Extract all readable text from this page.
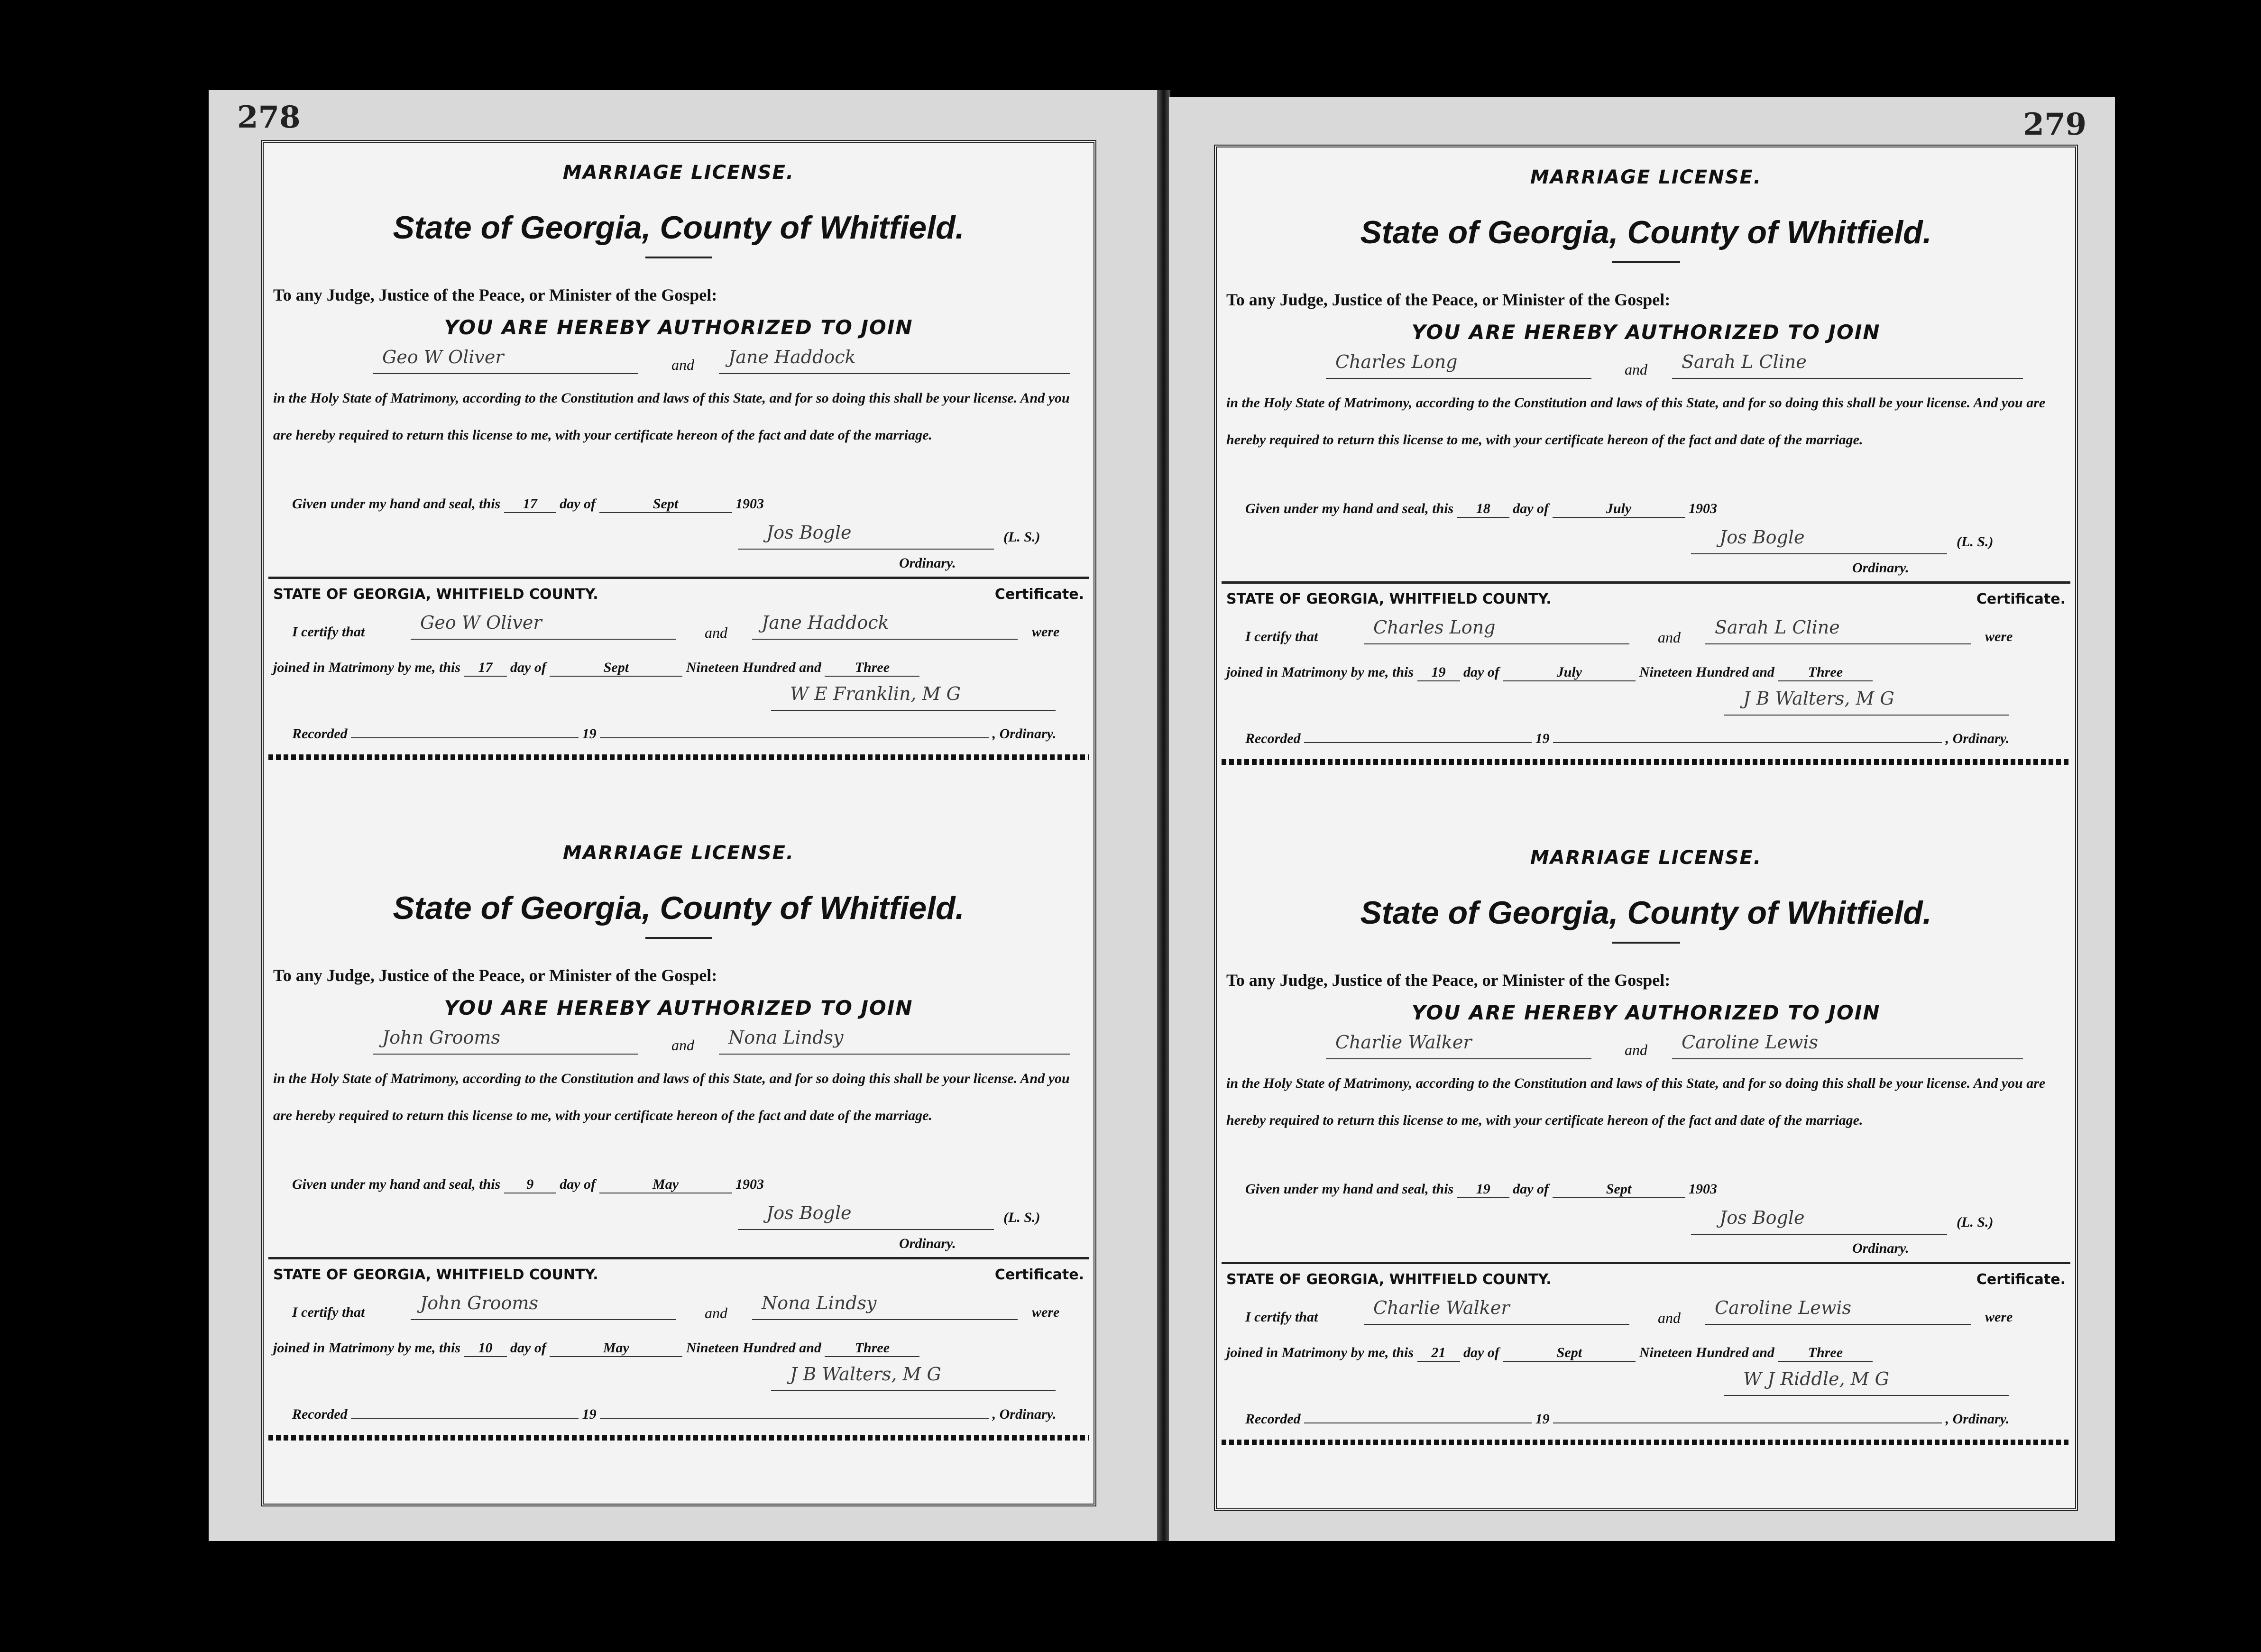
278
MARRIAGE LICENSE.
State of Georgia, County of Whitfield.
To any Judge, Justice of the Peace, or Minister of the Gospel:
YOU ARE HEREBY AUTHORIZED TO JOIN
Geo W Oliver	and Jane Haddock
in the Holy State of Matrimony, according to the Constitution and laws of this State, and for so doing this shall be your license. And you are hereby required to return this license to me, with your certificate hereon of the fact and date of the marriage.
Given under my hand and seal, this 17 day of	Sept	1903
Jos Bogle	(L. S.)
Ordinary.
STATE OF GEORGIA, WHITFIELD COUNTY.	Certificate.
I certify that	Geo W Oliver	and Jane Haddock	were
joined in Matrimony by me, this 17 day of	Sept	Nineteen Hundred and Three
W E Franklin, M G
Recorded	19	, Ordinary.
MARRIAGE LICENSE.
State of Georgia, County of Whitfield.
To any Judge, Justice of the Peace, or Minister of the Gospel:
YOU ARE HEREBY AUTHORIZED TO JOIN
John Grooms	and Nona Lindsy
in the Holy State of Matrimony, according to the Constitution and laws of this State, and for so doing this shall be your license. And you are hereby required to return this license to me, with your certificate hereon of the fact and date of the marriage.
Given under my hand and seal, this 9 day of	May	1903
Jos Bogle	(L. S.)
Ordinary.
STATE OF GEORGIA, WHITFIELD COUNTY.	Certificate.
I certify that	John Grooms	and Nona Lindsy	were
joined in Matrimony by me, this 10 day of	May	Nineteen Hundred and Three
J B Walters, M G
Recorded	19	, Ordinary.
279
MARRIAGE LICENSE.
State of Georgia, County of Whitfield.
To any Judge, Justice of the Peace, or Minister of the Gospel:
YOU ARE HEREBY AUTHORIZED TO JOIN
Charles Long	and Sarah L Cline
in the Holy State of Matrimony, according to the Constitution and laws of this State, and for so doing this shall be your license. And you are hereby required to return this license to me, with your certificate hereon of the fact and date of the marriage.
Given under my hand and seal, this 18 day of	July	1903
Jos Bogle	(L. S.)
Ordinary.
STATE OF GEORGIA, WHITFIELD COUNTY.	Certificate.
I certify that	Charles Long	and Sarah L Cline	were
joined in Matrimony by me, this 19 day of	July	Nineteen Hundred and Three
J B Walters, M G
Recorded	19	, Ordinary.
MARRIAGE LICENSE.
State of Georgia, County of Whitfield.
To any Judge, Justice of the Peace, or Minister of the Gospel:
YOU ARE HEREBY AUTHORIZED TO JOIN
Charlie Walker	and Caroline Lewis
in the Holy State of Matrimony, according to the Constitution and laws of this State, and for so doing this shall be your license. And you are hereby required to return this license to me, with your certificate hereon of the fact and date of the marriage.
Given under my hand and seal, this 19 day of	Sept	1903
Jos Bogle	(L. S.)
Ordinary.
STATE OF GEORGIA, WHITFIELD COUNTY.	Certificate.
I certify that	Charlie Walker	and Caroline Lewis	were
joined in Matrimony by me, this 21 day of	Sept	Nineteen Hundred and Three
W J Riddle, M G
Recorded	19	, Ordinary.
